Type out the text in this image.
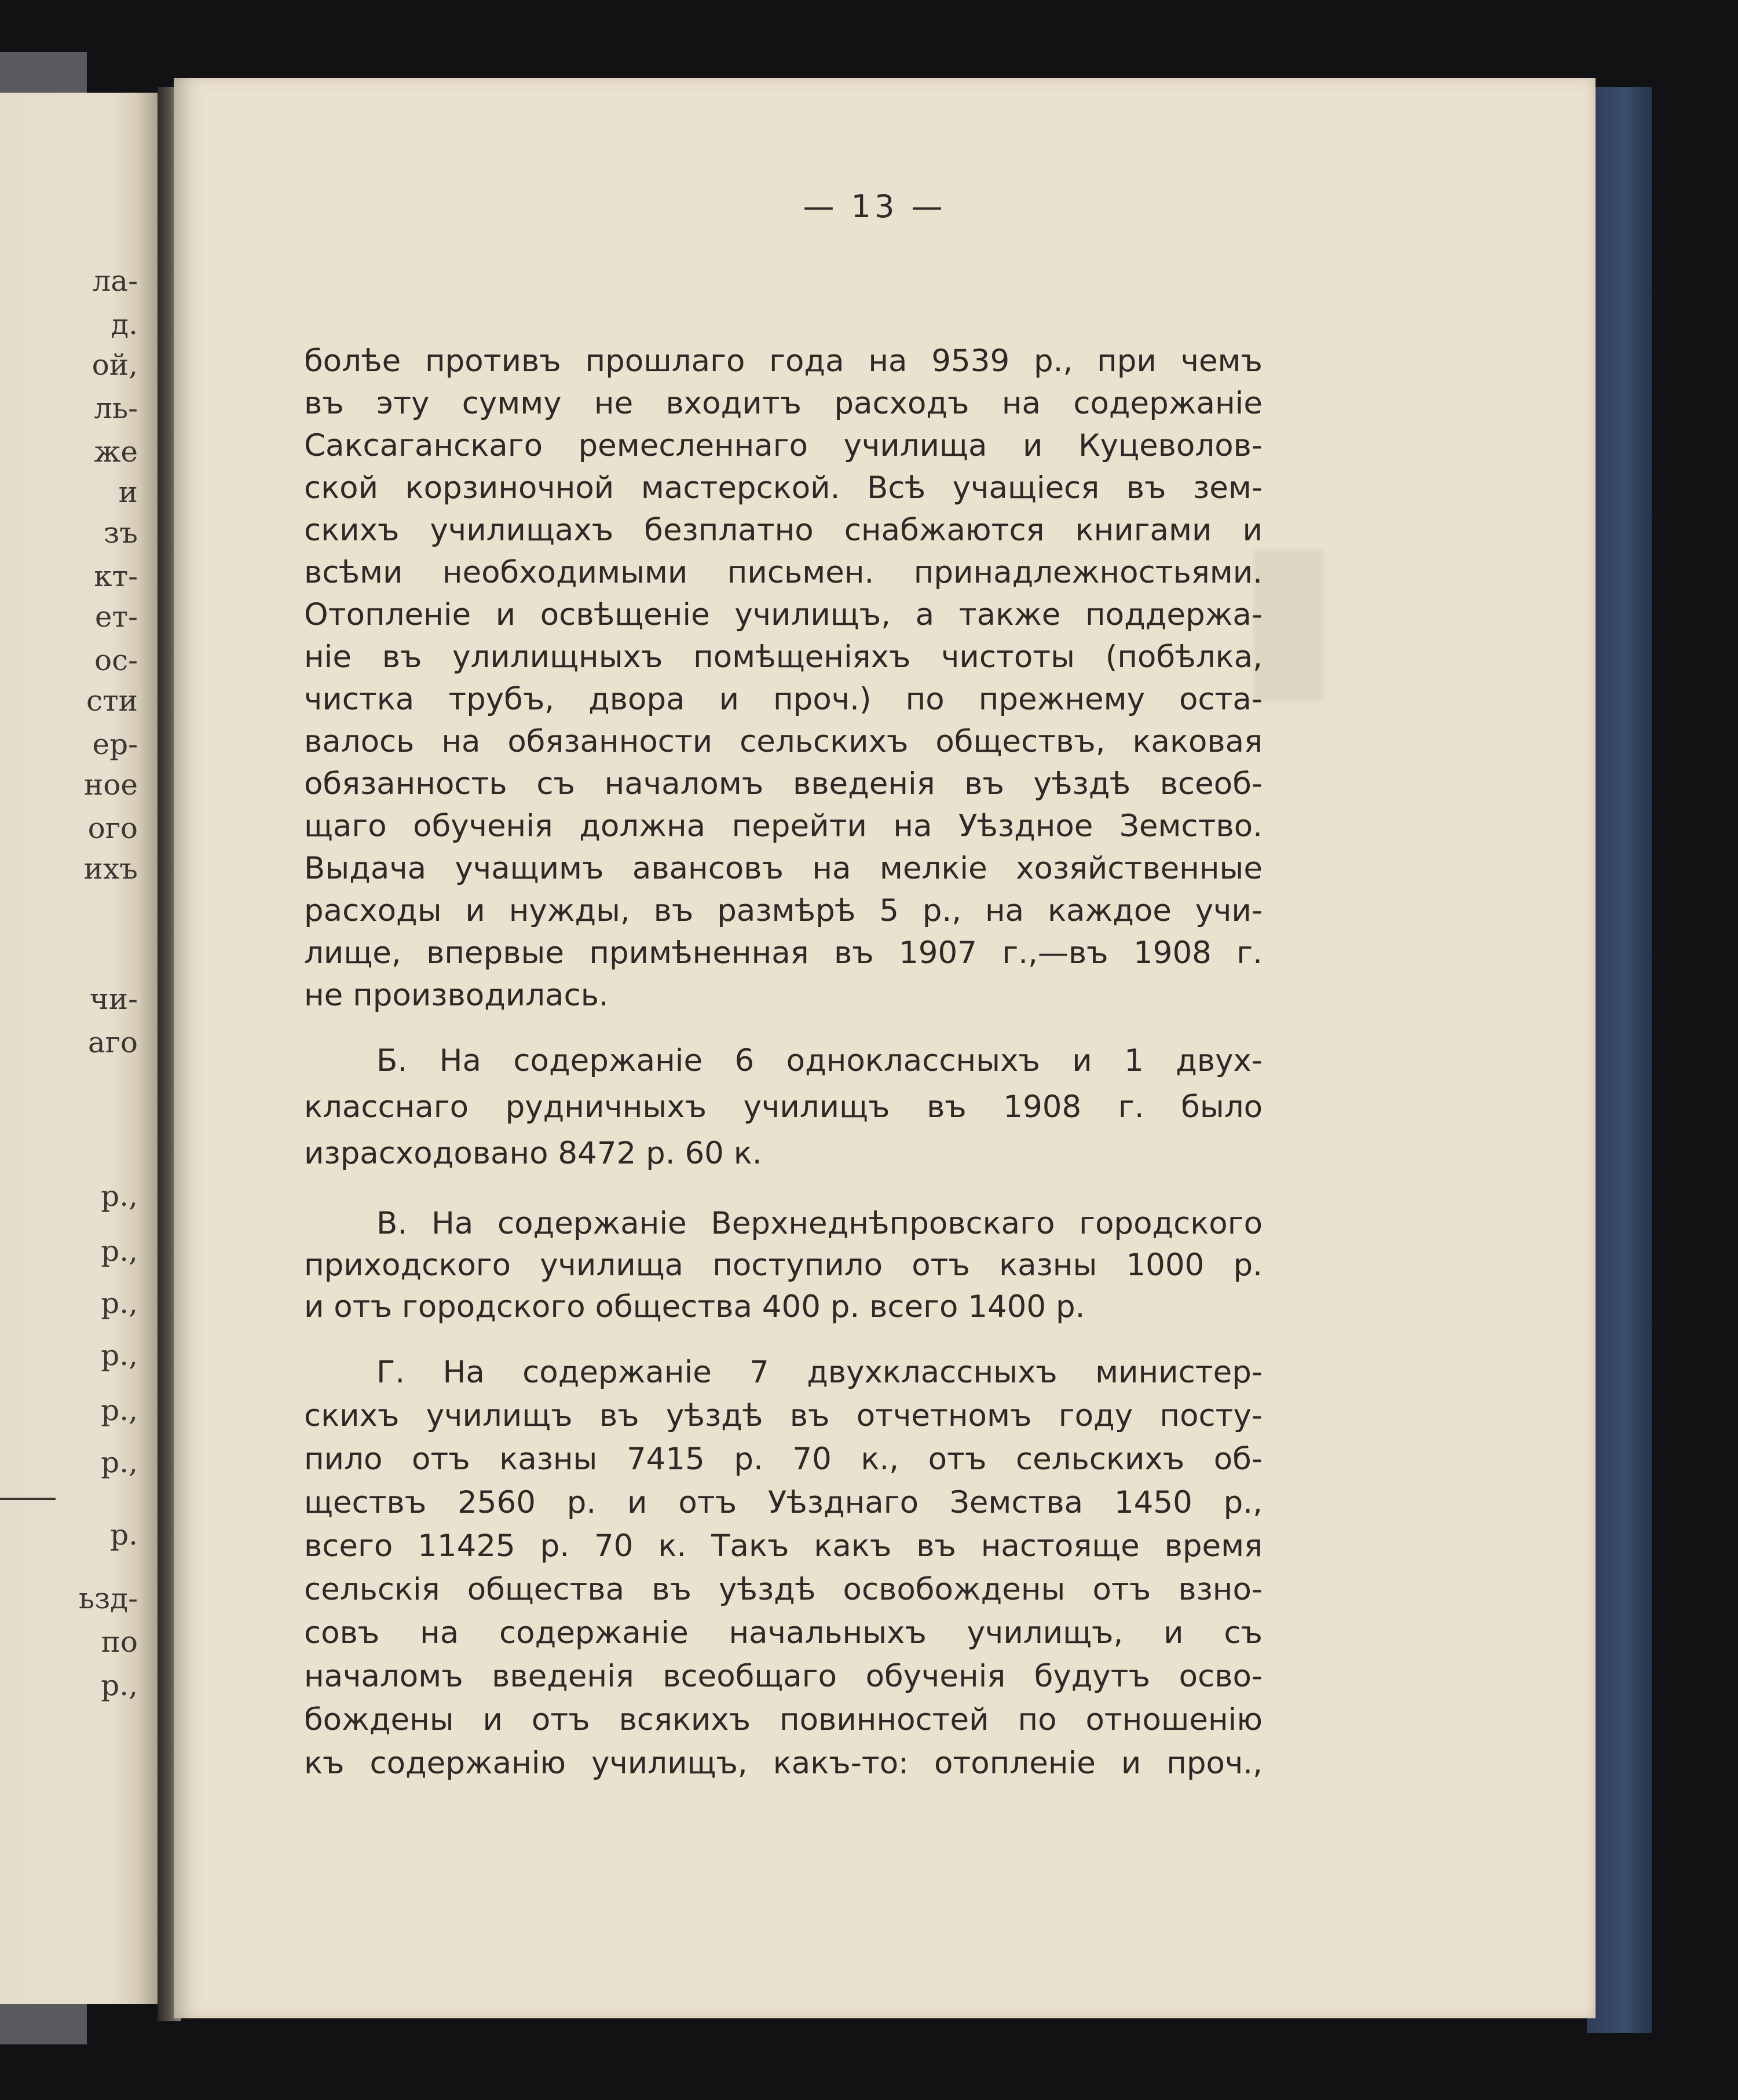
ла-
д.
ой,
ль-
же
и
зъ
кт-
ет-
ос-
сти
ер-
ное
ого
ихъ
чи-
аго
р.,
р.,
р.,
р.,
р.,
р.,
р.
ьзд-
по
р.,
— 13 —
болѣе противъ прошлаго года на 9539 р., при чемъ
въ эту сумму не входитъ расходъ на содержаніе
Саксаганскаго ремесленнаго училища и Куцеволов-
ской корзиночной мастерской. Всѣ учащіеся въ зем-
скихъ училищахъ безплатно снабжаются книгами и
всѣми необходимыми письмен. принадлежностьями.
Отопленіе и освѣщеніе училищъ, а также поддержа-
ніе въ улилищныхъ помѣщеніяхъ чистоты (побѣлка,
чистка трубъ, двора и проч.) по прежнему оста-
валось на обязанности сельскихъ обществъ, каковая
обязанность съ началомъ введенія въ уѣздѣ всеоб-
щаго обученія должна перейти на Уѣздное Земство.
Выдача учащимъ авансовъ на мелкіе хозяйственные
расходы и нужды, въ размѣрѣ 5 р., на каждое учи-
лище, впервые примѣненная въ 1907 г.,—въ 1908 г.
не производилась.
Б. На содержаніе 6 одноклассныхъ и 1 двух-
класснаго рудничныхъ училищъ въ 1908 г. было
израсходовано 8472 р. 60 к.
В. На содержаніе Верхнеднѣпровскаго городского
приходского училища поступило отъ казны 1000 р.
и отъ городского общества 400 р. всего 1400 р.
Г. На содержаніе 7 двухклассныхъ министер-
скихъ училищъ въ уѣздѣ въ отчетномъ году посту-
пило отъ казны 7415 р. 70 к., отъ сельскихъ об-
ществъ 2560 р. и отъ Уѣзднаго Земства 1450 р.,
всего 11425 р. 70 к. Такъ какъ въ настояще время
сельскія общества въ уѣздѣ освобождены отъ взно-
совъ на содержаніе начальныхъ училищъ, и съ
началомъ введенія всеобщаго обученія будутъ осво-
бождены и отъ всякихъ повинностей по отношенію
къ содержанію училищъ, какъ-то: отопленіе и проч.,
